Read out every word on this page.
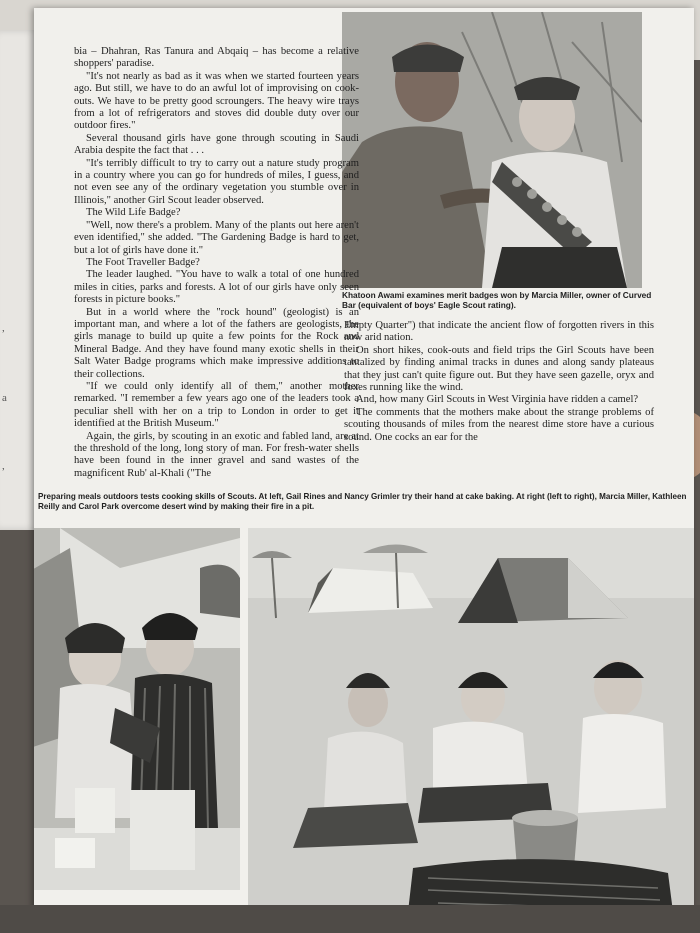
,
a
,
Khatoon Awami examines merit badges won by Marcia Miller, owner of Curved Bar (equivalent of boys' Eagle Scout rating).

bia – Dhahran, Ras Tanura and Abqaiq – has become a relative shoppers' paradise.

"It's not nearly as bad as it was when we started fourteen years ago. But still, we have to do an awful lot of improvising on cook-outs. We have to be pretty good scroungers. The heavy wire trays from a lot of refrigerators and stoves did double duty over our outdoor fires."

Several thousand girls have gone through scouting in Saudi Arabia despite the fact that . . .

"It's terribly difficult to try to carry out a nature study program in a country where you can go for hundreds of miles, I guess, and not even see any of the ordinary vegetation you stumble over in Illinois," another Girl Scout leader observed.

The Wild Life Badge?

"Well, now there's a problem. Many of the plants out here aren't even identified," she added. "The Gardening Badge is hard to get, but a lot of girls have done it."

The Foot Traveller Badge?

The leader laughed. "You have to walk a total of one hundred miles in cities, parks and forests. A lot of our girls have only seen forests in picture books."

But in a world where the "rock hound" (geologist) is an important man, and where a lot of the fathers are geologists, the girls manage to build up quite a few points for the Rock and Mineral Badge. And they have found many exotic shells in their Salt Water Badge programs which make impressive additions to their collections.

"If we could only identify all of them," another mother remarked. "I remember a few years ago one of the leaders took a peculiar shell with her on a trip to London in order to get it identified at the British Museum."

Again, the girls, by scouting in an exotic and fabled land, are at the threshold of the long, long story of man. For fresh-water shells have been found in the inner gravel and sand wastes of the magnificent Rub' al-Khali ("The

Empty Quarter") that indicate the ancient flow of forgotten rivers in this now arid nation.

On short hikes, cook-outs and field trips the Girl Scouts have been tantalized by finding animal tracks in dunes and along sandy plateaus that they just can't quite figure out. But they have seen gazelle, oryx and foxes running like the wind.

And, how many Girl Scouts in West Virginia have ridden a camel?

The comments that the mothers make about the strange problems of scouting thousands of miles from the nearest dime store have a curious sound. One cocks an ear for the

Preparing meals outdoors tests cooking skills of Scouts. At left, Gail Rines and Nancy Grimler try their hand at cake baking. At right (left to right), Marcia Miller, Kathleen Reilly and Carol Park overcome desert wind by making their fire in a pit.
